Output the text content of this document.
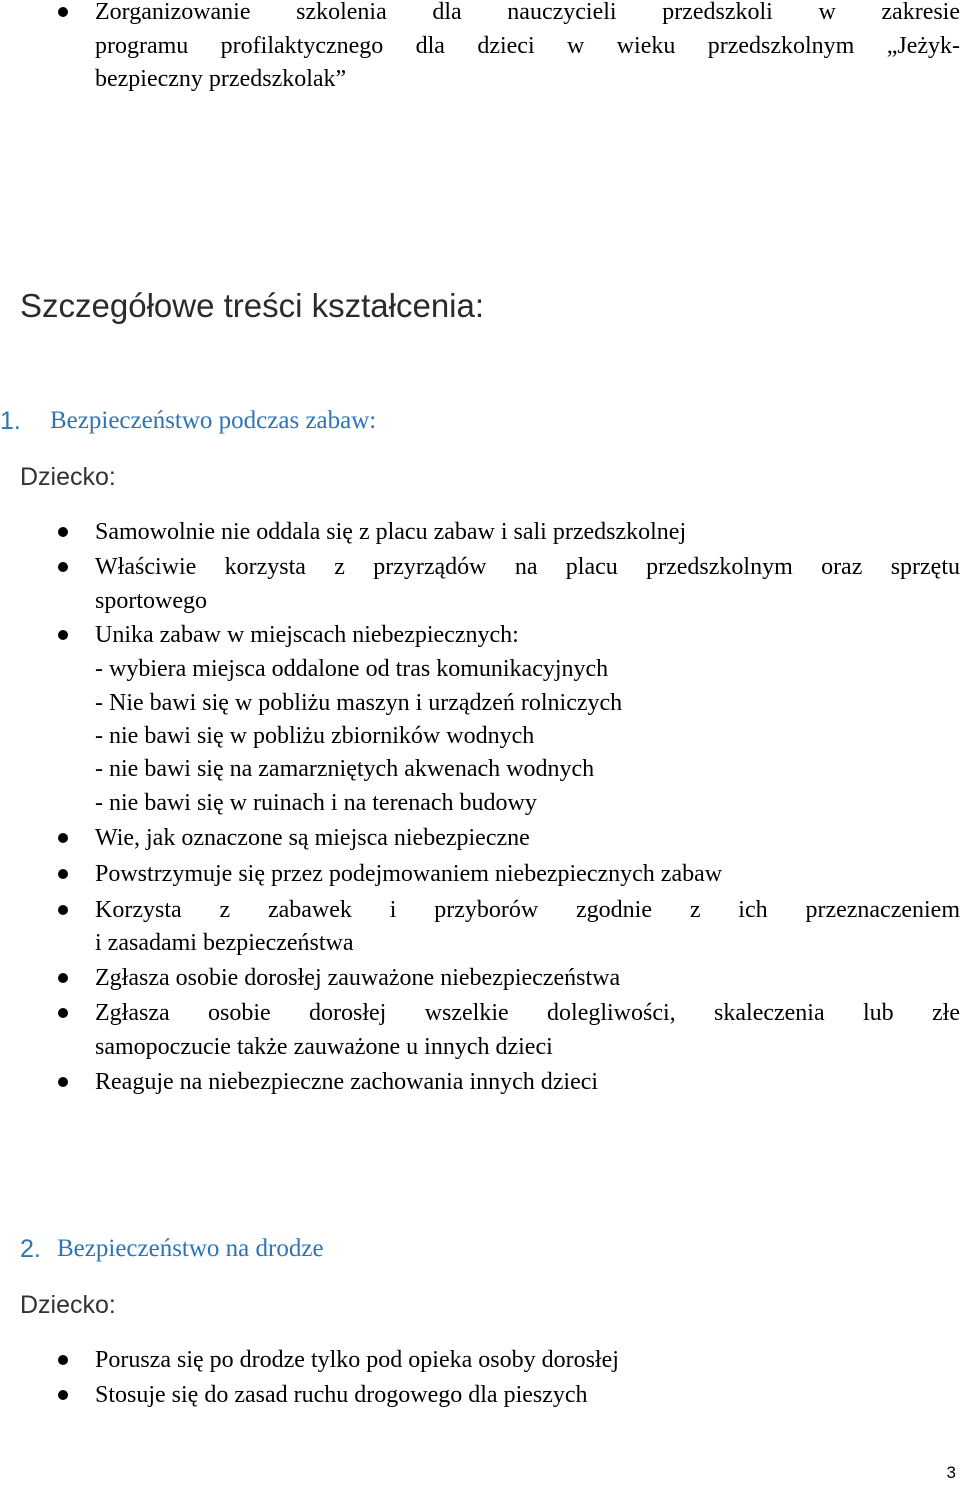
Zorganizowanie szkolenia dla nauczycieli przedszkoli w zakresie
programu profilaktycznego dla dzieci w wieku przedszkolnym „Jeżyk-
bezpieczny przedszkolak”
Szczegółowe treści kształcenia:
1. Bezpieczeństwo podczas zabaw:
Dziecko:
Samowolnie nie oddala się z placu zabaw i sali przedszkolnej
Właściwie korzysta z przyrządów na placu przedszkolnym oraz sprzętu
sportowego
Unika zabaw w miejscach niebezpiecznych:
- wybiera miejsca oddalone od tras komunikacyjnych
- Nie bawi się w pobliżu maszyn i urządzeń rolniczych
- nie bawi się w pobliżu zbiorników wodnych
- nie bawi się na zamarzniętych akwenach wodnych
- nie bawi się w ruinach i na terenach budowy
Wie, jak oznaczone są miejsca niebezpieczne
Powstrzymuje się przez podejmowaniem niebezpiecznych zabaw
Korzysta z zabawek i przyborów zgodnie z ich przeznaczeniem
i zasadami bezpieczeństwa
Zgłasza osobie dorosłej zauważone niebezpieczeństwa
Zgłasza osobie dorosłej wszelkie dolegliwości, skaleczenia lub złe
samopoczucie także zauważone u innych dzieci
Reaguje na niebezpieczne zachowania innych dzieci
2. Bezpieczeństwo na drodze
Dziecko:
Porusza się po drodze tylko pod opieka osoby dorosłej
Stosuje się do zasad ruchu drogowego dla pieszych
3
